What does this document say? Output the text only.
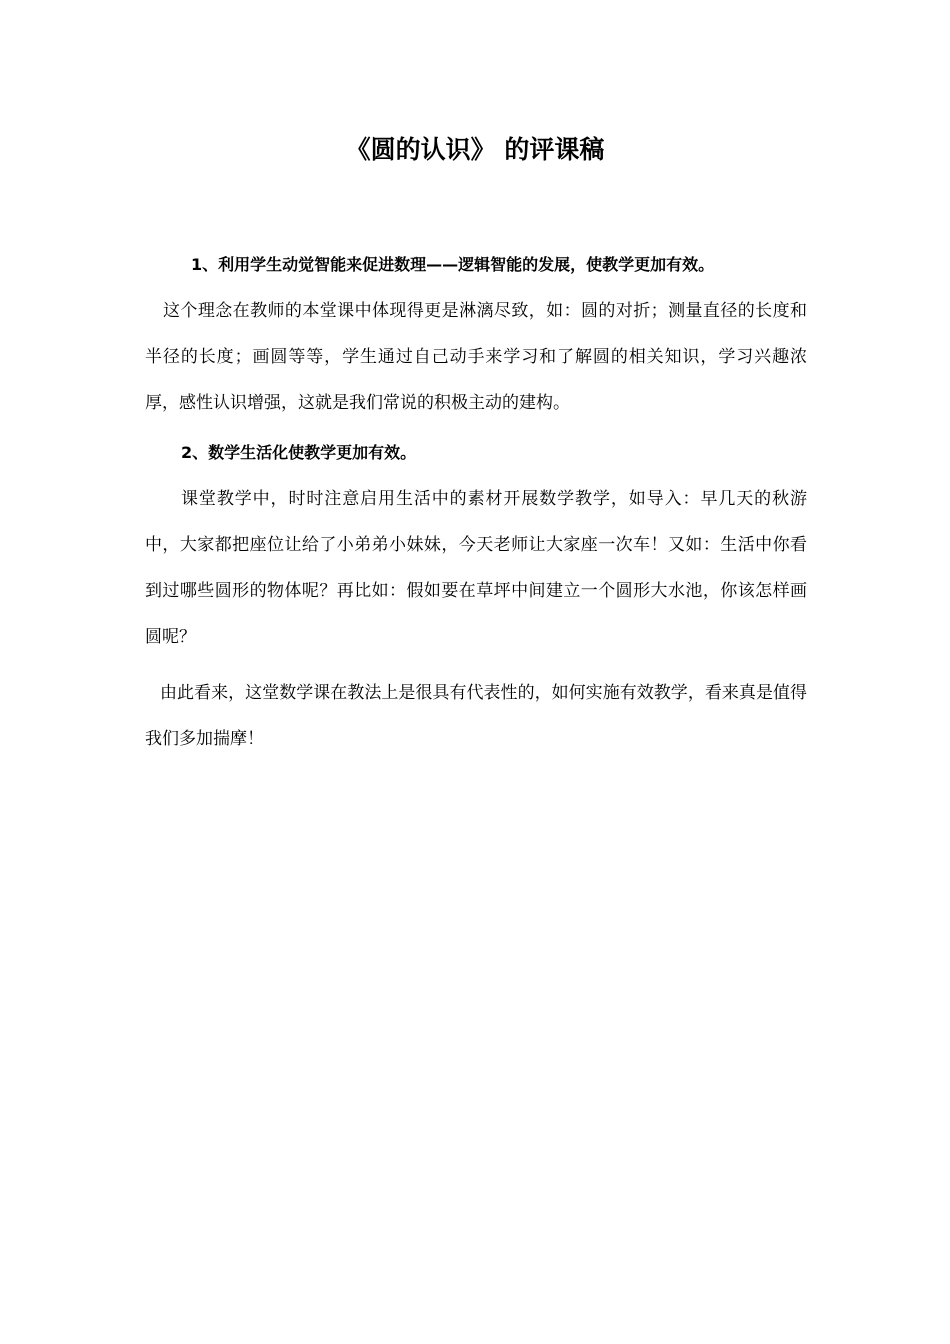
《圆的认识》 的评课稿
1、利用学生动觉智能来促进数理——逻辑智能的发展，使教学更加有效。
这个理念在教师的本堂课中体现得更是淋漓尽致，如：圆的对折；测量直径的长度和半径的长度；画圆等等，学生通过自己动手来学习和了解圆的相关知识，学习兴趣浓厚，感性认识增强，这就是我们常说的积极主动的建构。
2、数学生活化使教学更加有效。
课堂教学中，时时注意启用生活中的素材开展数学教学，如导入：早几天的秋游中，大家都把座位让给了小弟弟小妹妹，今天老师让大家座一次车！又如：生活中你看到过哪些圆形的物体呢？再比如：假如要在草坪中间建立一个圆形大水池，你该怎样画圆呢？
由此看来，这堂数学课在教法上是很具有代表性的，如何实施有效教学，看来真是值得我们多加揣摩！
